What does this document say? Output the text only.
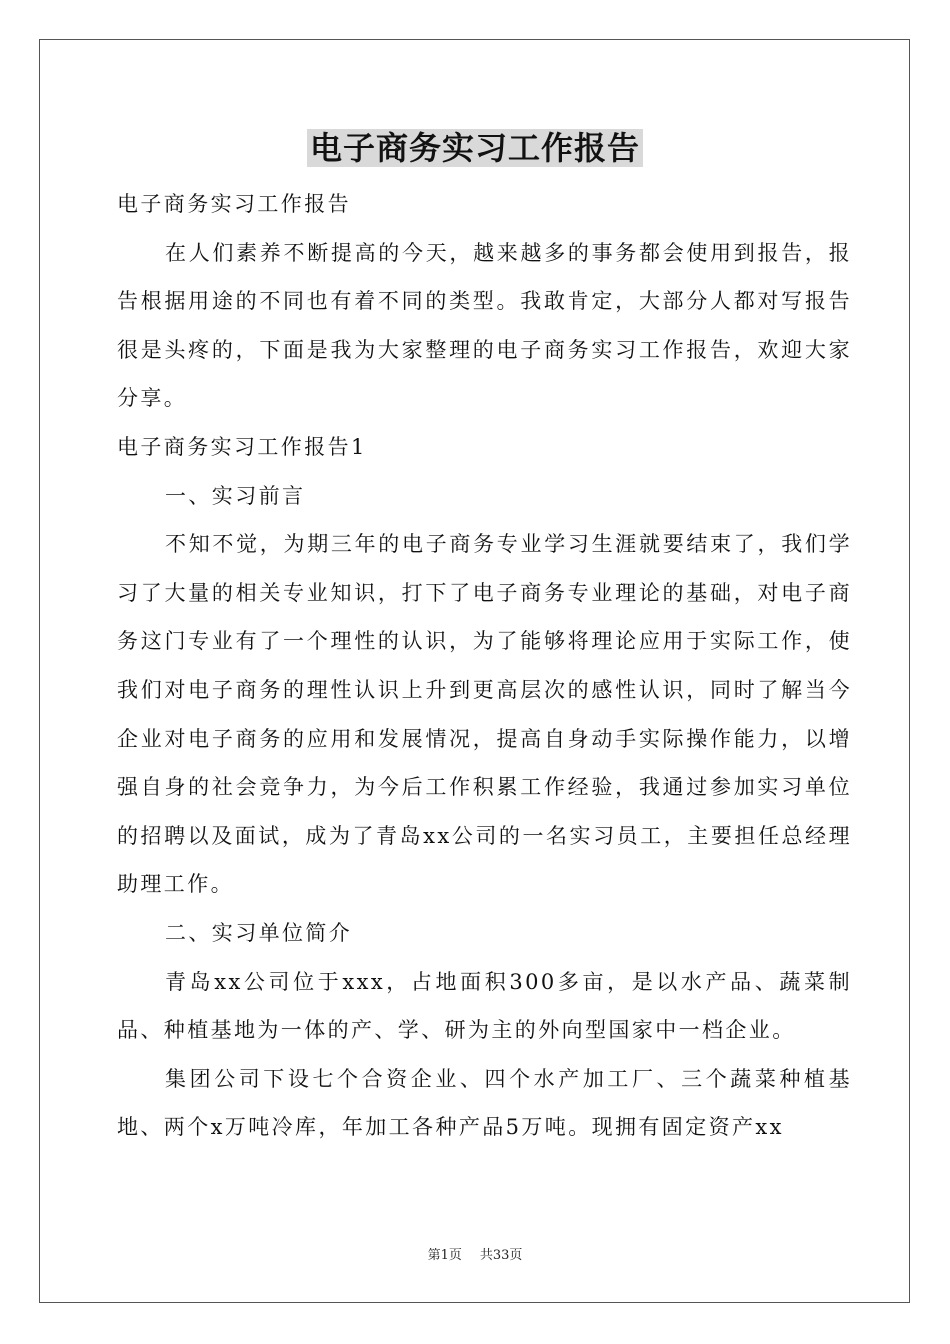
电子商务实习工作报告

电子商务实习工作报告

在人们素养不断提高的今天，越来越多的事务都会使用到报告，报告根据用途的不同也有着不同的类型。我敢肯定，大部分人都对写报告很是头疼的，下面是我为大家整理的电子商务实习工作报告，欢迎大家分享。

电子商务实习工作报告1

一、实习前言

不知不觉，为期三年的电子商务专业学习生涯就要结束了，我们学习了大量的相关专业知识，打下了电子商务专业理论的基础，对电子商务这门专业有了一个理性的认识，为了能够将理论应用于实际工作，使我们对电子商务的理性认识上升到更高层次的感性认识，同时了解当今企业对电子商务的应用和发展情况，提高自身动手实际操作能力，以增强自身的社会竞争力，为今后工作积累工作经验，我通过参加实习单位的招聘以及面试，成为了青岛xx公司的一名实习员工，主要担任总经理助理工作。

二、实习单位简介

青岛xx公司位于xxx，占地面积300多亩，是以水产品、蔬菜制品、种植基地为一体的产、学、研为主的外向型国家中一档企业。

集团公司下设七个合资企业、四个水产加工厂、三个蔬菜种植基地、两个x万吨冷库，年加工各种产品5万吨。现拥有固定资产xx

第1页 共33页
